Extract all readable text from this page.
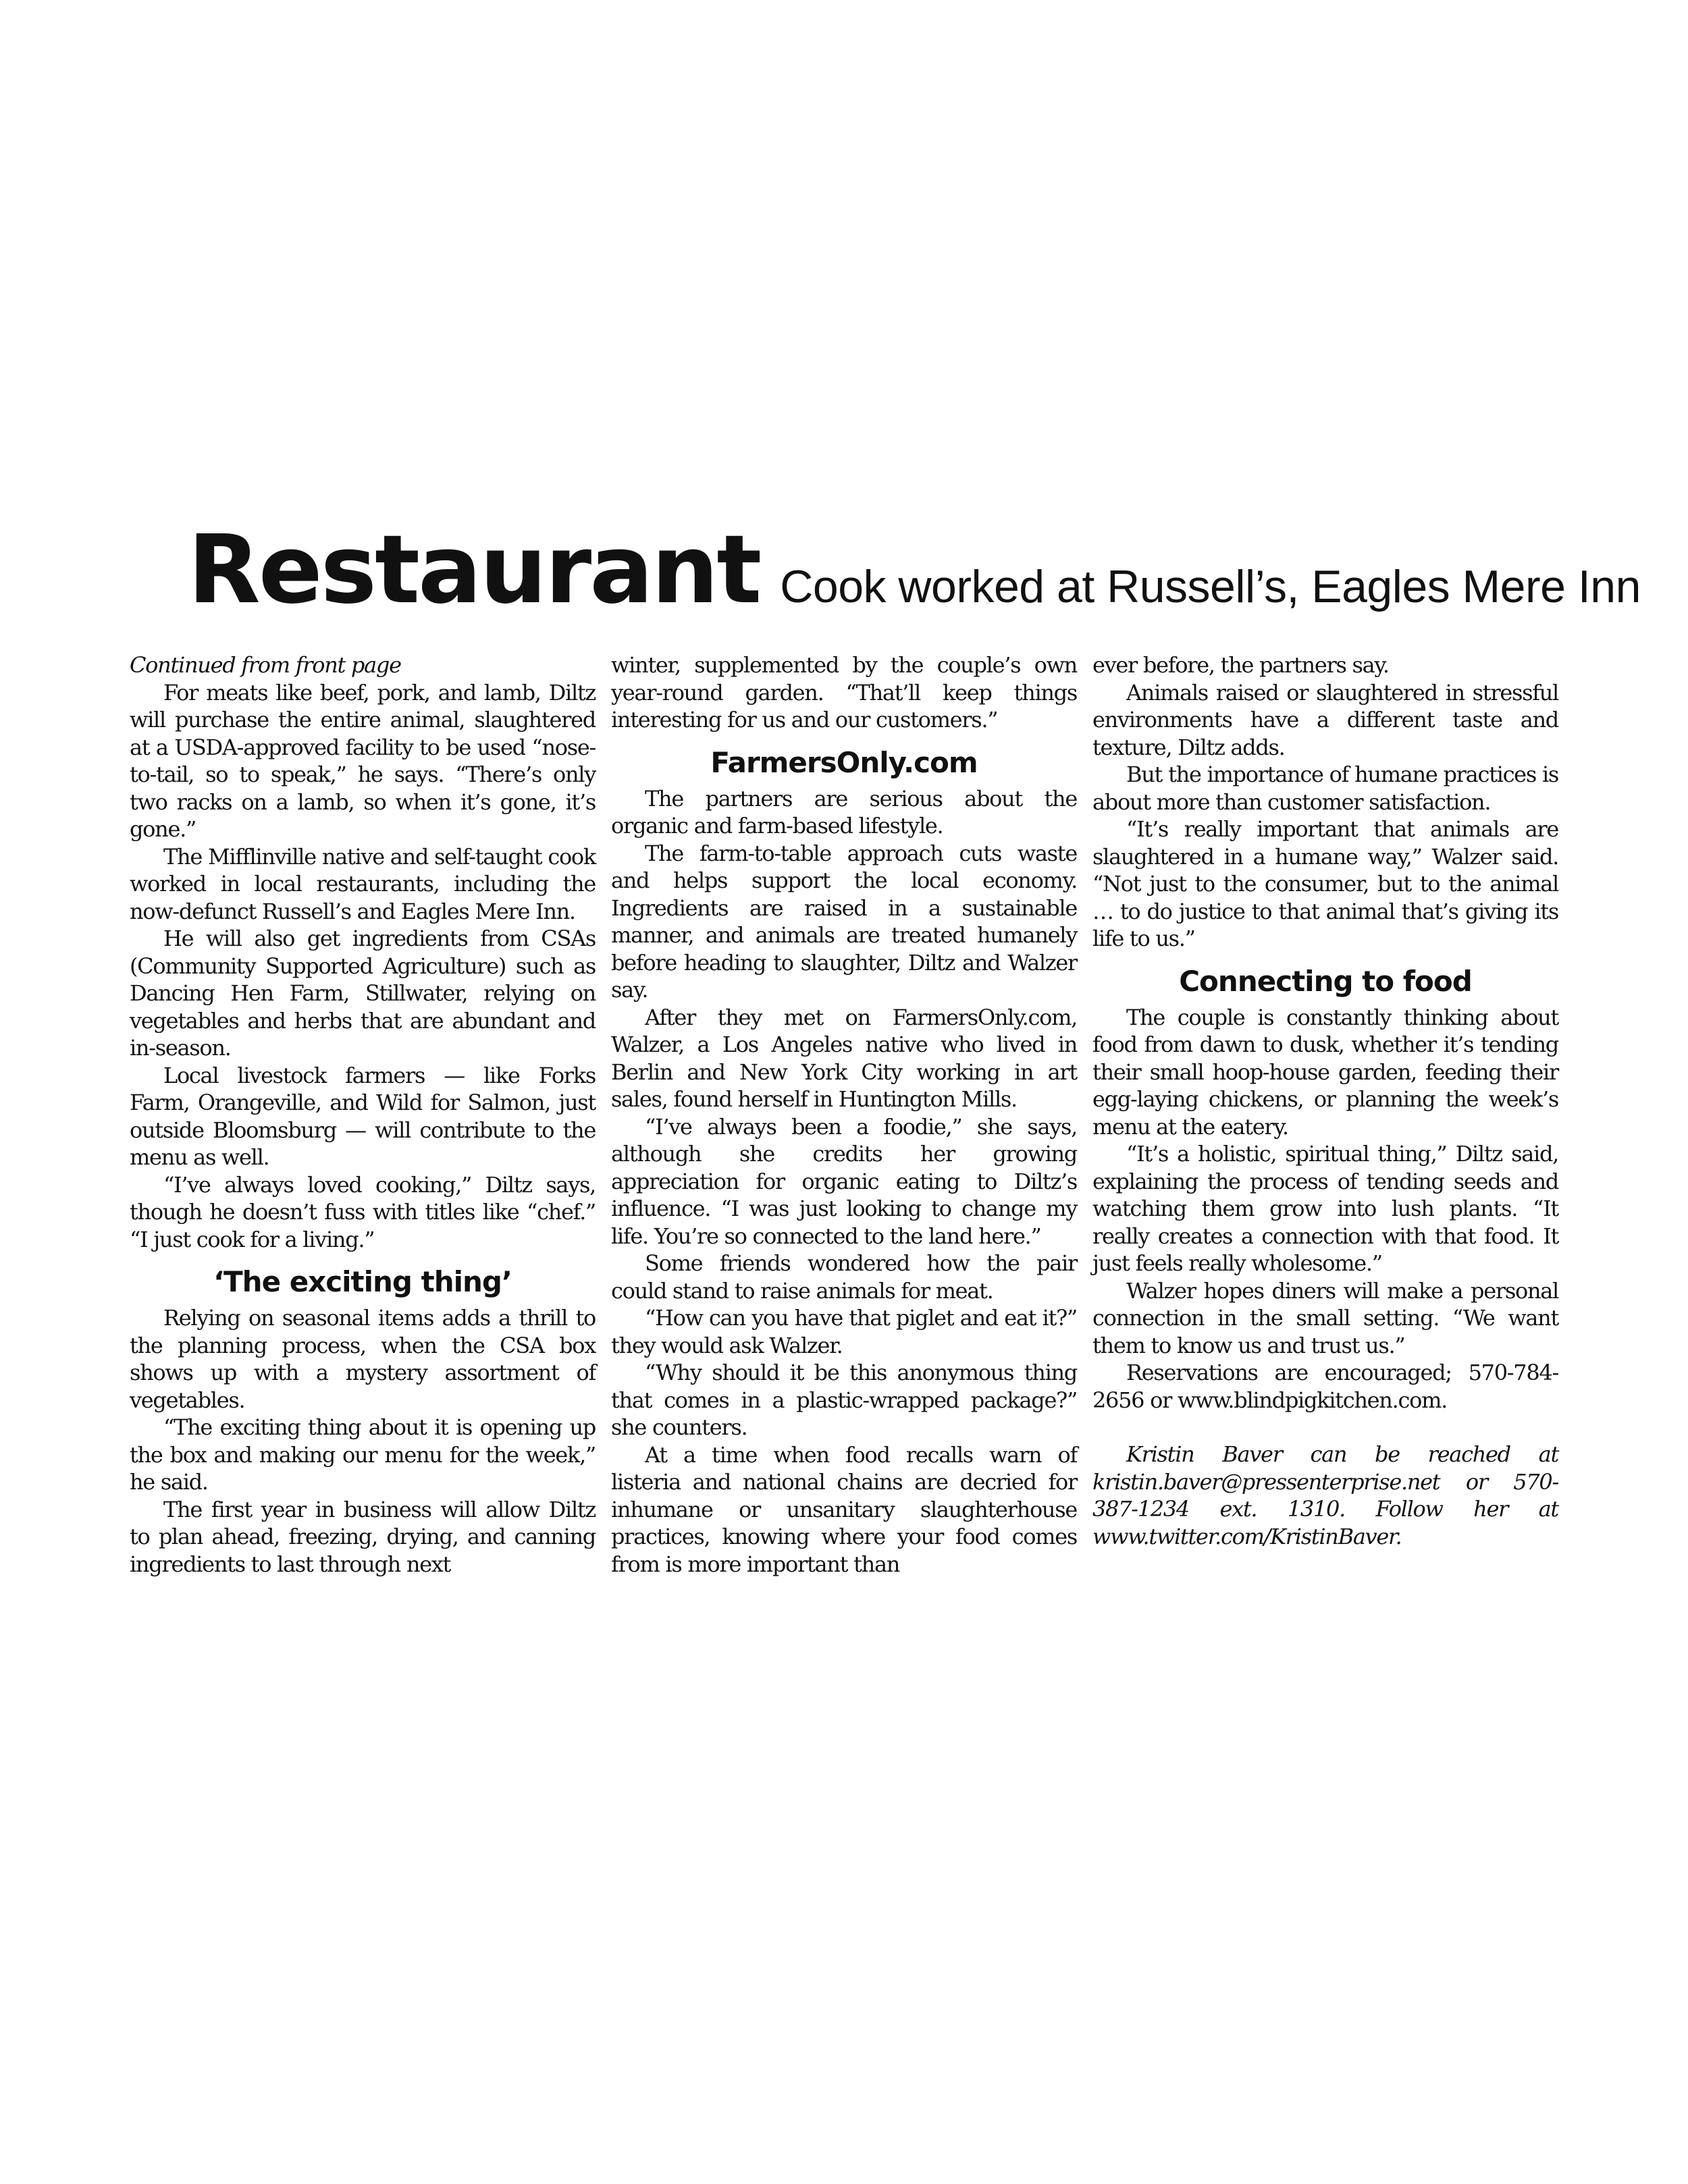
Restaurant Cook worked at Russell’s, Eagles Mere Inn

Continued from front page

For meats like beef, pork, and lamb, Diltz will purchase the entire animal, slaughtered at a USDA-approved facility to be used “nose-to-tail, so to speak,” he says. “There’s only two racks on a lamb, so when it’s gone, it’s gone.”

The Mifflinville native and self-taught cook worked in local restaurants, including the now-defunct Russell’s and Eagles Mere Inn.

He will also get ingredients from CSAs (Community Supported Agriculture) such as Dancing Hen Farm, Stillwater, relying on vegetables and herbs that are abundant and in-season.

Local livestock farmers — like Forks Farm, Orangeville, and Wild for Salmon, just outside Bloomsburg — will contribute to the menu as well.

“I’ve always loved cooking,” Diltz says, though he doesn’t fuss with titles like “chef.” “I just cook for a living.”

‘The exciting thing’

Relying on seasonal items adds a thrill to the planning process, when the CSA box shows up with a mystery assortment of vegetables.

“The exciting thing about it is opening up the box and making our menu for the week,” he said.

The first year in business will allow Diltz to plan ahead, freezing, drying, and canning ingredients to last through next

winter, supplemented by the couple’s own year-round garden. “That’ll keep things interesting for us and our customers.”

FarmersOnly.com

The partners are serious about the organic and farm-based lifestyle.

The farm-to-table approach cuts waste and helps support the local economy. Ingredients are raised in a sustainable manner, and animals are treated humanely before heading to slaughter, Diltz and Walzer say.

After they met on FarmersOnly.com, Walzer, a Los Angeles native who lived in Berlin and New York City working in art sales, found herself in Huntington Mills.

“I’ve always been a foodie,” she says, although she credits her growing appreciation for organic eating to Diltz’s influence. “I was just looking to change my life. You’re so connected to the land here.”

Some friends wondered how the pair could stand to raise animals for meat.

“How can you have that piglet and eat it?” they would ask Walzer.

“Why should it be this anonymous thing that comes in a plastic-wrapped package?” she counters.

At a time when food recalls warn of listeria and national chains are decried for inhumane or unsanitary slaughterhouse practices, knowing where your food comes from is more important than

ever before, the partners say.

Animals raised or slaughtered in stressful environments have a different taste and texture, Diltz adds.

But the importance of humane practices is about more than customer satisfaction.

“It’s really important that animals are slaughtered in a humane way,” Walzer said. “Not just to the consumer, but to the animal … to do justice to that animal that’s giving its life to us.”

Connecting to food

The couple is constantly thinking about food from dawn to dusk, whether it’s tending their small hoop-house garden, feeding their egg-laying chickens, or planning the week’s menu at the eatery.

“It’s a holistic, spiritual thing,” Diltz said, explaining the process of tending seeds and watching them grow into lush plants. “It really creates a connection with that food. It just feels really wholesome.”

Walzer hopes diners will make a personal connection in the small setting. “We want them to know us and trust us.”

Reservations are encouraged; 570-784-2656 or www.blindpigkitchen.com.

Kristin Baver can be reached at kristin.baver@pressenterprise.net or 570-387-1234 ext. 1310. Follow her at www.twitter.com/KristinBaver.
